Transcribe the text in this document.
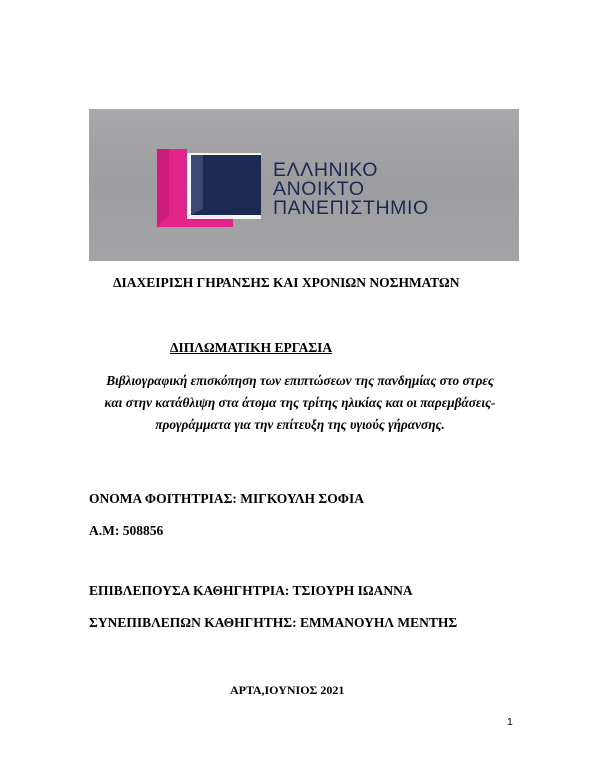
ΕΛΛΗΝΙΚΟ
ΑΝΟΙΚΤΟ
ΠΑΝΕΠΙΣΤΗΜΙΟ
ΔΙΑΧΕΙΡΙΣΗ ΓΗΡΑΝΣΗΣ ΚΑΙ ΧΡΟΝΙΩΝ ΝΟΣΗΜΑΤΩΝ
ΔΙΠΛΩΜΑΤΙΚΗ ΕΡΓΑΣΙΑ
Βιβλιογραφική επισκόπηση των επιπτώσεων της πανδημίας στο στρες
και στην κατάθλιψη στα άτομα της τρίτης ηλικίας και οι παρεμβάσεις-
προγράμματα για την επίτευξη της υγιούς γήρανσης.
ΟΝΟΜΑ ΦΟΙΤΗΤΡΙΑΣ: ΜΙΓΚΟΥΛΗ ΣΟΦΙΑ
Α.Μ: 508856
ΕΠΙΒΛΕΠΟΥΣΑ ΚΑΘΗΓΗΤΡΙΑ: ΤΣΙΟΥΡΗ ΙΩΑΝΝΑ
ΣΥΝΕΠΙΒΛΕΠΩΝ ΚΑΘΗΓΗΤΗΣ: ΕΜΜΑΝΟΥΗΛ ΜΕΝΤΗΣ
ΑΡΤΑ,ΙΟΥΝΙΟΣ 2021
1
